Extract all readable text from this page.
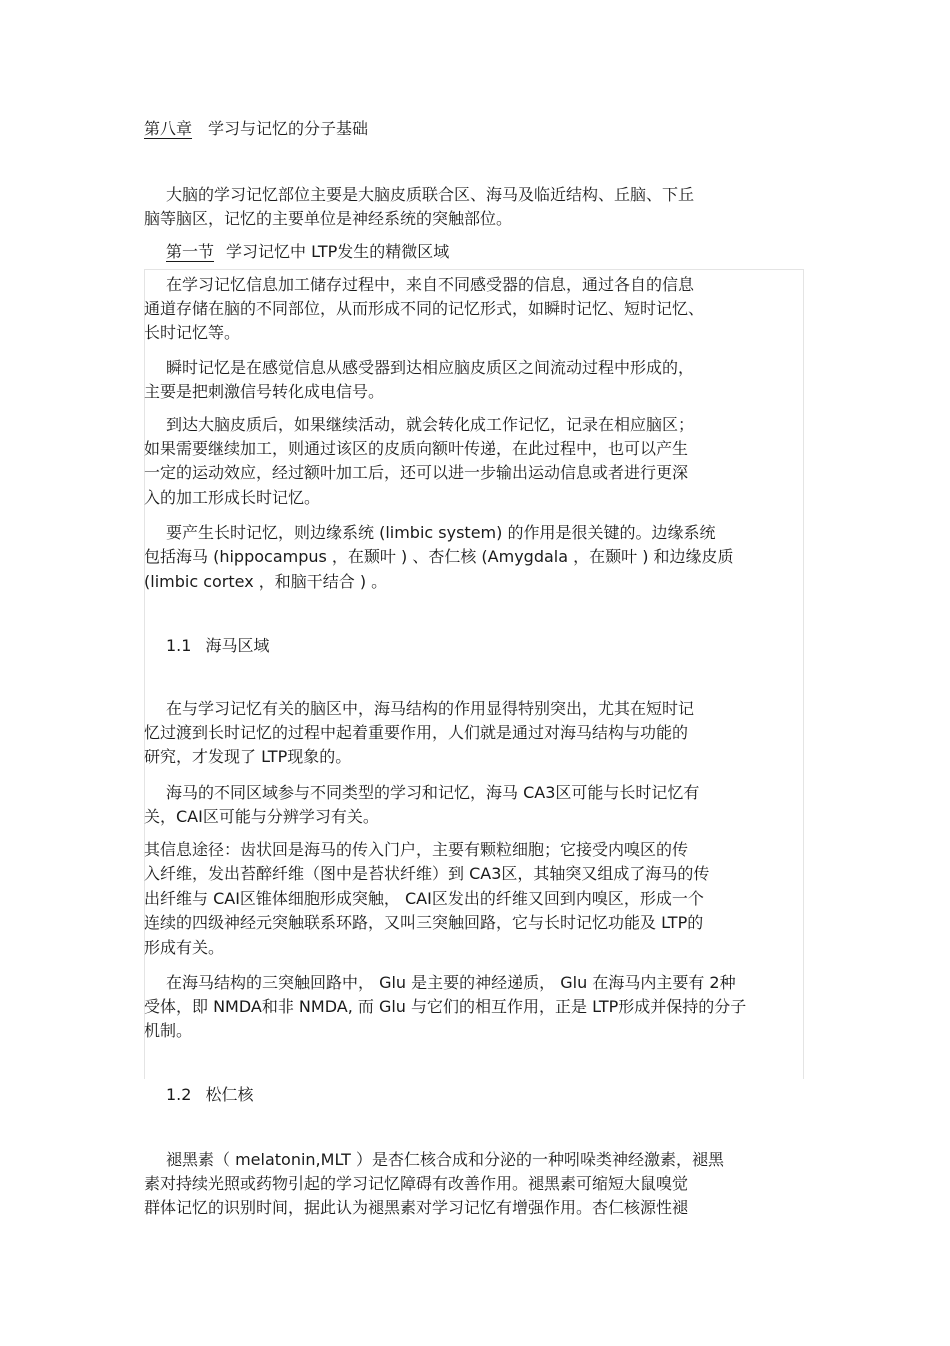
第八章 学习与记忆的分子基础
大脑的学习记忆部位主要是大脑皮质联合区、海马及临近结构、丘脑、下丘
脑等脑区，记忆的主要单位是神经系统的突触部位。
第一节 学习记忆中 LTP发生的精微区域
在学习记忆信息加工储存过程中，来自不同感受器的信息，通过各自的信息
通道存储在脑的不同部位，从而形成不同的记忆形式，如瞬时记忆、短时记忆、
长时记忆等。
瞬时记忆是在感觉信息从感受器到达相应脑皮质区之间流动过程中形成的，
主要是把刺激信号转化成电信号。
到达大脑皮质后，如果继续活动，就会转化成工作记忆，记录在相应脑区；
如果需要继续加工，则通过该区的皮质向额叶传递，在此过程中，也可以产生
一定的运动效应，经过额叶加工后，还可以进一步输出运动信息或者进行更深
入的加工形成长时记忆。
要产生长时记忆，则边缘系统 (limbic system) 的作用是很关键的。边缘系统
包括海马 (hippocampus ，在颞叶 ) 、杏仁核 (Amygdala ，在颞叶 ) 和边缘皮质
(limbic cortex ，和脑干结合 ) 。
1.1 海马区域
在与学习记忆有关的脑区中，海马结构的作用显得特别突出，尤其在短时记
忆过渡到长时记忆的过程中起着重要作用，人们就是通过对海马结构与功能的
研究，才发现了 LTP现象的。
海马的不同区域参与不同类型的学习和记忆，海马 CA3区可能与长时记忆有
关，CAI区可能与分辨学习有关。
其信息途径：齿状回是海马的传入门户，主要有颗粒细胞；它接受内嗅区的传
入纤维，发出苔醉纤维（图中是苔状纤维）到 CA3区，其轴突又组成了海马的传
出纤维与 CAI区锥体细胞形成突触， CAI区发出的纤维又回到内嗅区，形成一个
连续的四级神经元突触联系环路，又叫三突触回路，它与长时记忆功能及 LTP的
形成有关。
在海马结构的三突触回路中， Glu 是主要的神经递质， Glu 在海马内主要有 2种
受体，即 NMDA和非 NMDA, 而 Glu 与它们的相互作用，正是 LTP形成并保持的分子
机制。
1.2 松仁核
褪黑素（ melatonin,MLT ）是杏仁核合成和分泌的一种吲哚类神经激素，褪黑
素对持续光照或药物引起的学习记忆障碍有改善作用。褪黑素可缩短大鼠嗅觉
群体记忆的识别时间，据此认为褪黑素对学习记忆有增强作用。杏仁核源性褪
